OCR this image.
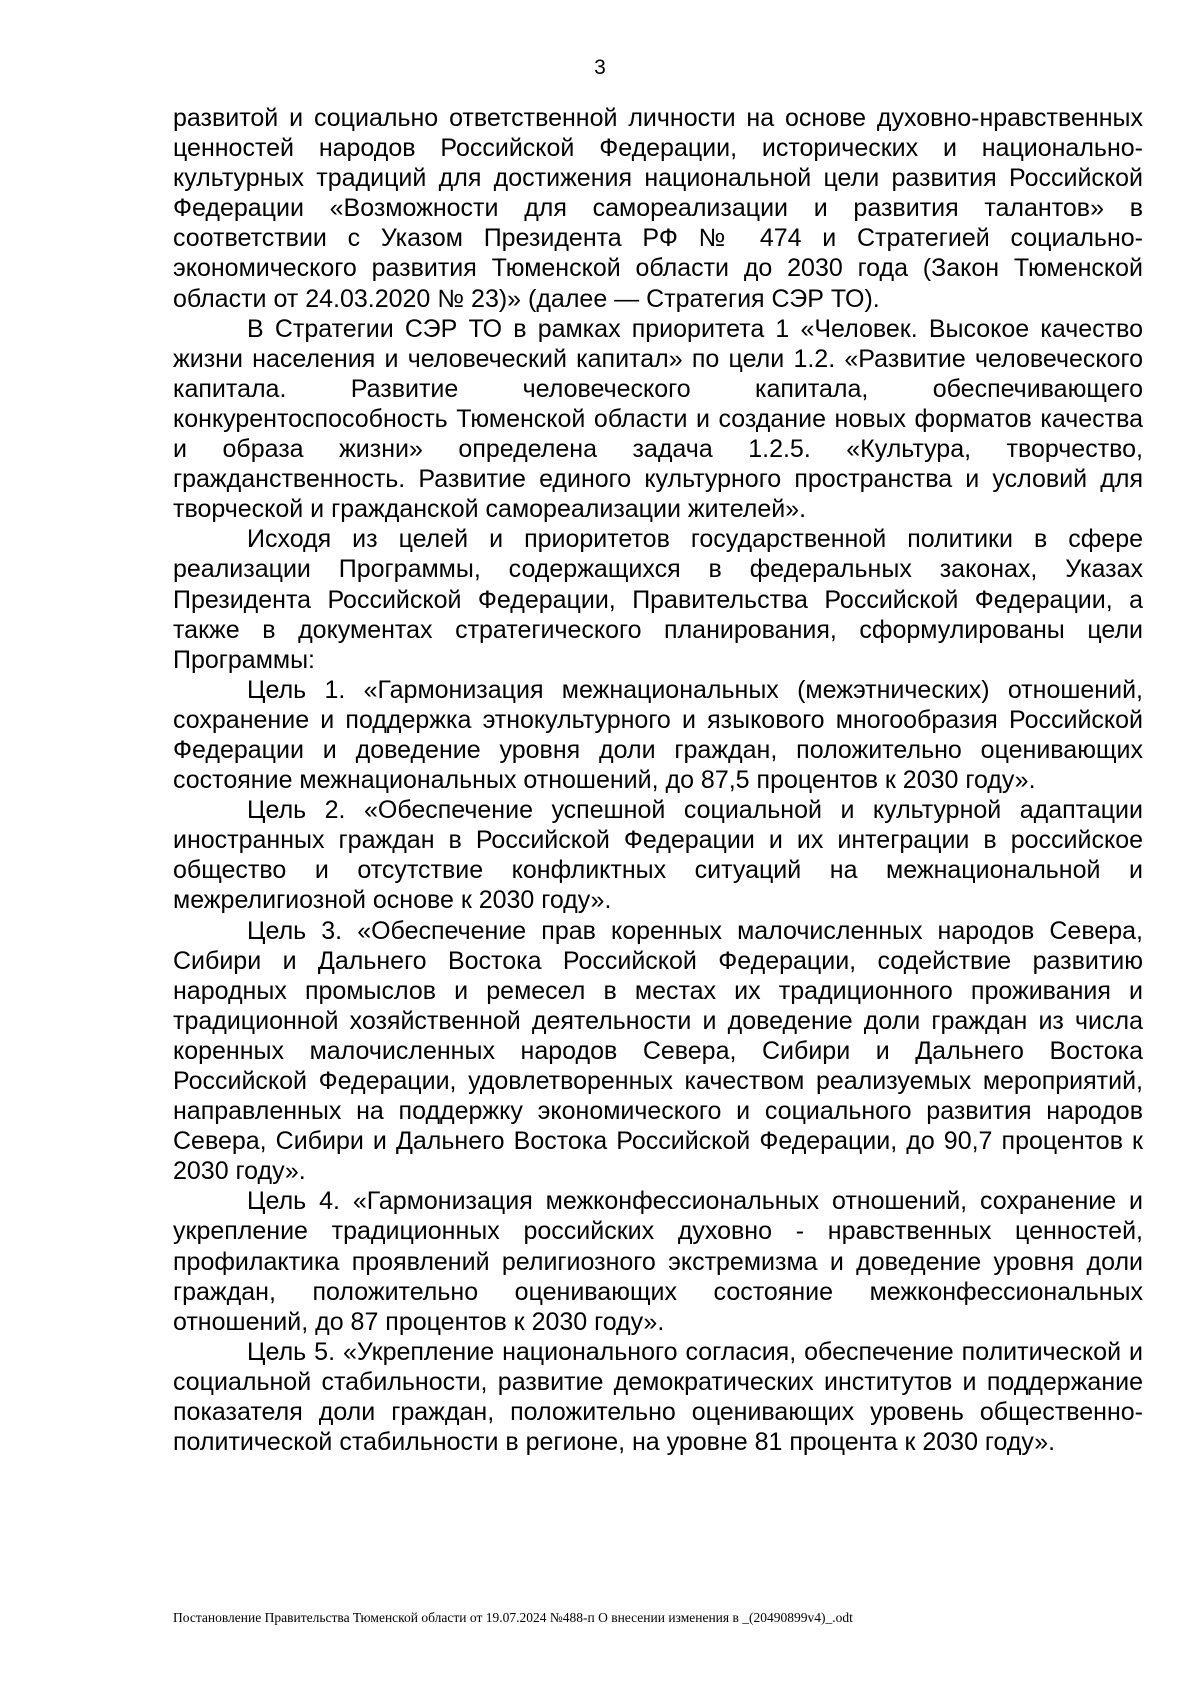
3

развитой и социально ответственной личности на основе духовно-нравственных ценностей народов Российской Федерации, исторических и национально-культурных традиций для достижения национальной цели развития Российской Федерации «Возможности для самореализации и развития талантов» в соответствии с Указом Президента РФ № 474 и Стратегией социально-экономического развития Тюменской области до 2030 года (Закон Тюменской области от 24.03.2020 № 23)» (далее — Стратегия СЭР ТО).

В Стратегии СЭР ТО в рамках приоритета 1 «Человек. Высокое качество жизни населения и человеческий капитал» по цели 1.2. «Развитие человеческого капитала. Развитие человеческого капитала, обеспечивающего конкурентоспособность Тюменской области и создание новых форматов качества и образа жизни» определена задача 1.2.5. «Культура, творчество, гражданственность. Развитие единого культурного пространства и условий для творческой и гражданской самореализации жителей».

Исходя из целей и приоритетов государственной политики в сфере реализации Программы, содержащихся в федеральных законах, Указах Президента Российской Федерации, Правительства Российской Федерации, а также в документах стратегического планирования, сформулированы цели Программы:

Цель 1. «Гармонизация межнациональных (межэтнических) отношений, сохранение и поддержка этнокультурного и языкового многообразия Российской Федерации и доведение уровня доли граждан, положительно оценивающих состояние межнациональных отношений, до 87,5 процентов к 2030 году».

Цель 2. «Обеспечение успешной социальной и культурной адаптации иностранных граждан в Российской Федерации и их интеграции в российское общество и отсутствие конфликтных ситуаций на межнациональной и межрелигиозной основе к 2030 году».

Цель 3. «Обеспечение прав коренных малочисленных народов Севера, Сибири и Дальнего Востока Российской Федерации, содействие развитию народных промыслов и ремесел в местах их традиционного проживания и традиционной хозяйственной деятельности и доведение доли граждан из числа коренных малочисленных народов Севера, Сибири и Дальнего Востока Российской Федерации, удовлетворенных качеством реализуемых мероприятий, направленных на поддержку экономического и социального развития народов Севера, Сибири и Дальнего Востока Российской Федерации, до 90,7 процентов к 2030 году».

Цель 4. «Гармонизация межконфессиональных отношений, сохранение и укрепление традиционных российских духовно - нравственных ценностей, профилактика проявлений религиозного экстремизма и доведение уровня доли граждан, положительно оценивающих состояние межконфессиональных отношений, до 87 процентов к 2030 году».

Цель 5. «Укрепление национального согласия, обеспечение политической и социальной стабильности, развитие демократических институтов и поддержание показателя доли граждан, положительно оценивающих уровень общественно-политической стабильности в регионе, на уровне 81 процента к 2030 году».

Постановление Правительства Тюменской области от 19.07.2024 №488-п О внесении изменения в _(20490899v4)_.odt
